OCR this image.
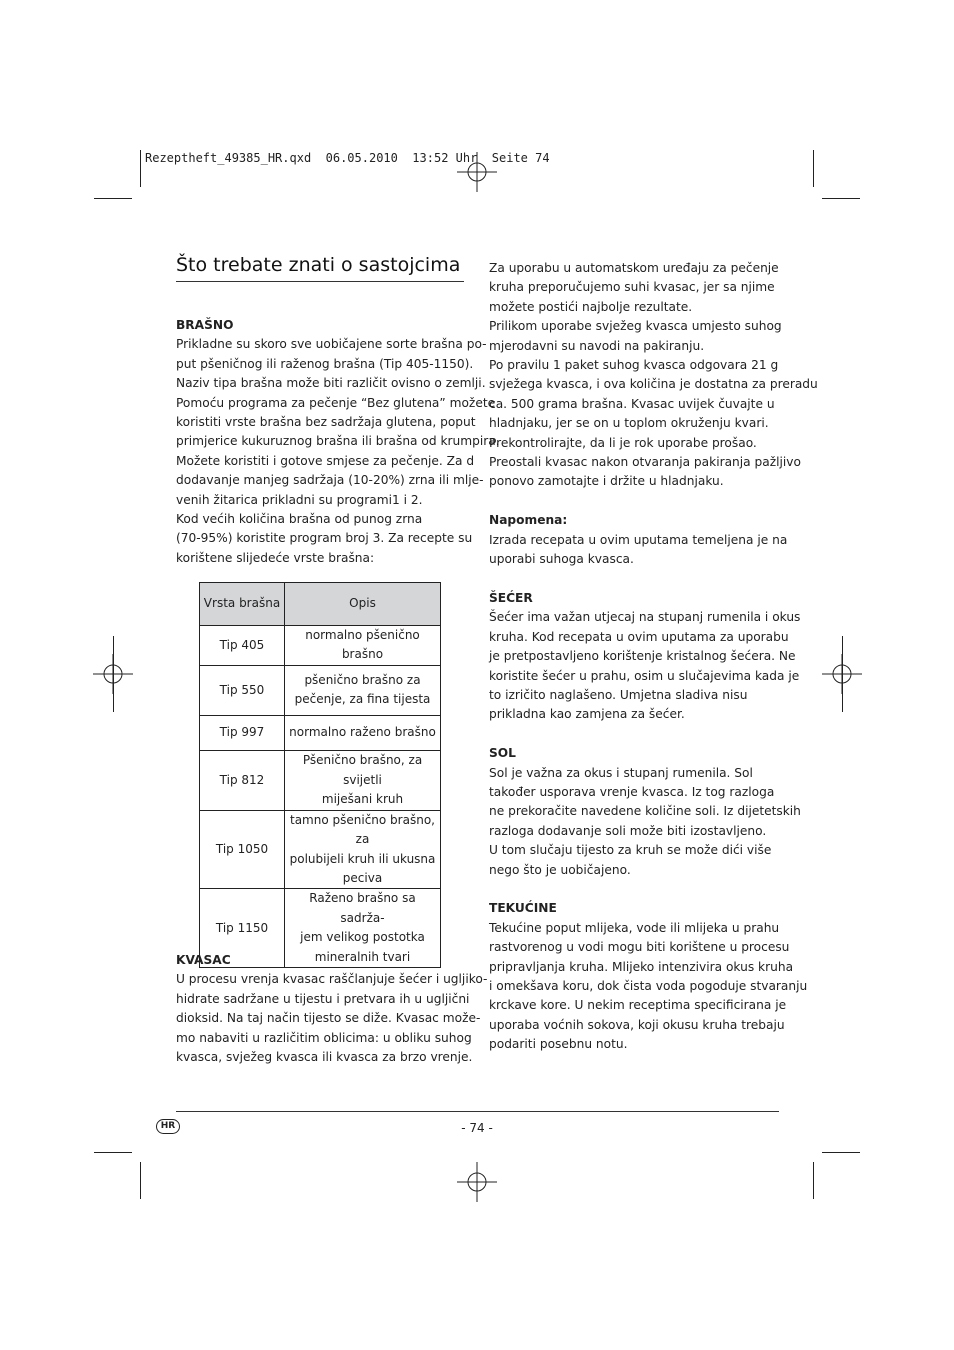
Rezeptheft_49385_HR.qxd  06.05.2010  13:52 Uhr  Seite 74
Što trebate znati o sastojcima
BRAŠNO

Prikladne su skoro sve uobičajene sorte brašna po-

put pšeničnog ili raženog brašna (Tip 405-1150).

Naziv tipa brašna može biti različit ovisno o zemlji.

Pomoću programa za pečenje “Bez glutena” možete

koristiti vrste brašna bez sadržaja glutena, poput

primjerice kukuruznog brašna ili brašna od krumpira.

Možete koristiti i gotove smjese za pečenje. Za d

dodavanje manjeg sadržaja (10-20%) zrna ili mlje-

venih žitarica prikladni su programi1 i 2.

Kod većih količina brašna od punog zrna

(70-95%) koristite program broj 3. Za recepte su

korištene slijedeće vrste brašna:

Vrsta brašna	Opis
Tip 405	normalno pšenično brašno

Tip 550	pšenično brašno za
pečenje, za fina tijesta

Tip 997	normalno raženo brašno

Tip 812	Pšenično brašno, za svijetli
miješani kruh

Tip 1050	tamno pšenično brašno, za
polubijeli kruh ili ukusna
peciva

Tip 1150	Raženo brašno sa sadrža-
jem velikog postotka
mineralnih tvari
KVASAC

U procesu vrenja kvasac raščlanjuje šećer i ugljiko-

hidrate sadržane u tijestu i pretvara ih u ugljični

dioksid. Na taj način tijesto se diže. Kvasac može-

mo nabaviti u različitim oblicima: u obliku suhog

kvasca, svježeg kvasca ili kvasca za brzo vrenje.

Za uporabu u automatskom uređaju za pečenje

kruha preporučujemo suhi kvasac, jer sa njime

možete postići najbolje rezultate.

Prilikom uporabe svježeg kvasca umjesto suhog

mjerodavni su navodi na pakiranju.

Po pravilu 1 paket suhog kvasca odgovara 21 g

svježega kvasca, i ova količina je dostatna za preradu

ca. 500 grama brašna. Kvasac uvijek čuvajte u

hladnjaku, jer se on u toplom okruženju kvari.

Prekontrolirajte, da li je rok uporabe prošao.

Preostali kvasac nakon otvaranja pakiranja pažljivo

ponovo zamotajte i držite u hladnjaku.

Napomena:

Izrada recepata u ovim uputama temeljena je na

uporabi suhoga kvasca.

ŠEĆER

Šećer ima važan utjecaj na stupanj rumenila i okus

kruha. Kod recepata u ovim uputama za uporabu

je pretpostavljeno korištenje kristalnog šećera. Ne

koristite šećer u prahu, osim u slučajevima kada je

to izričito naglašeno. Umjetna sladiva nisu

prikladna kao zamjena za šećer.

SOL

Sol je važna za okus i stupanj rumenila. Sol

također usporava vrenje kvasca. Iz tog razloga

ne prekoračite navedene količine soli. Iz dijetetskih

razloga dodavanje soli može biti izostavljeno.

U tom slučaju tijesto za kruh se može dići više

nego što je uobičajeno.

TEKUĆINE

Tekućine poput mlijeka, vode ili mlijeka u prahu

rastvorenog u vodi mogu biti korištene u procesu

pripravljanja kruha. Mlijeko intenzivira okus kruha

i omekšava koru, dok čista voda pogoduje stvaranju

krckave kore. U nekim receptima specificirana je

uporaba voćnih sokova, koji okusu kruha trebaju

podariti posebnu notu.

HR	- 74 -
